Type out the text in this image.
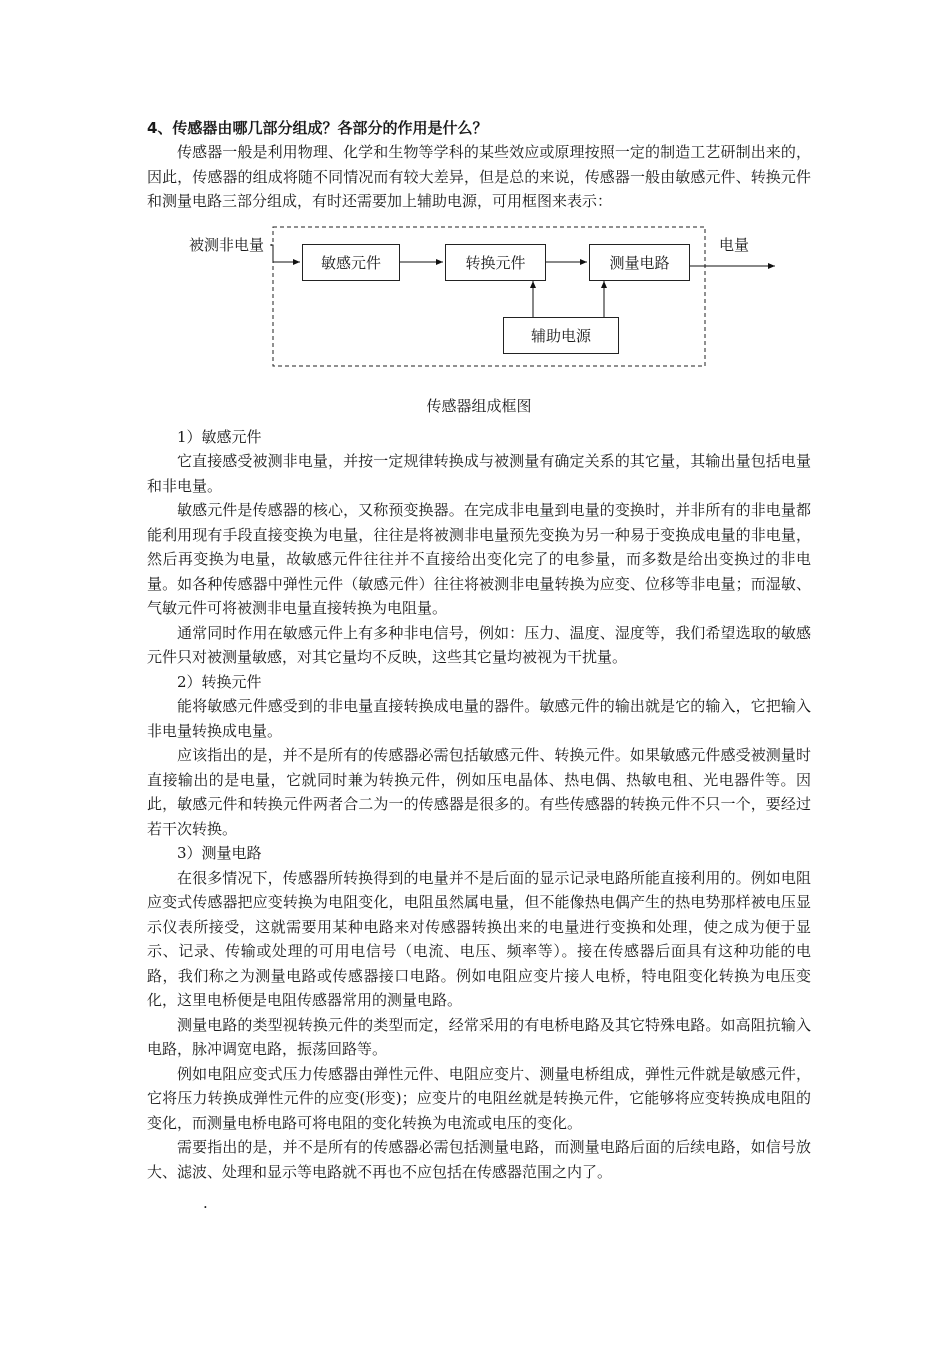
4、传感器由哪几部分组成？各部分的作用是什么？

传感器一般是利用物理、化学和生物等学科的某些效应或原理按照一定的制造工艺研制出来的，因此，传感器的组成将随不同情况而有较大差异，但是总的来说，传感器一般由敏感元件、转换元件和测量电路三部分组成，有时还需要加上辅助电源，可用框图来表示：

被测非电量
敏感元件	转换元件	测量电路
辅助电源
电量

传感器组成框图

1）敏感元件

它直接感受被测非电量，并按一定规律转换成与被测量有确定关系的其它量，其输出量包括电量和非电量。

敏感元件是传感器的核心，又称预变换器。在完成非电量到电量的变换时，并非所有的非电量都能利用现有手段直接变换为电量，往往是将被测非电量预先变换为另一种易于变换成电量的非电量，然后再变换为电量，故敏感元件往往并不直接给出变化完了的电参量，而多数是给出变换过的非电量。如各种传感器中弹性元件（敏感元件）往往将被测非电量转换为应变、位移等非电量；而湿敏、气敏元件可将被测非电量直接转换为电阻量。

通常同时作用在敏感元件上有多种非电信号，例如：压力、温度、湿度等，我们希望选取的敏感元件只对被测量敏感，对其它量均不反映，这些其它量均被视为干扰量。

2）转换元件

能将敏感元件感受到的非电量直接转换成电量的器件。敏感元件的输出就是它的输入，它把输入非电量转换成电量。

应该指出的是，并不是所有的传感器必需包括敏感元件、转换元件。如果敏感元件感受被测量时直接输出的是电量，它就同时兼为转换元件，例如压电晶体、热电偶、热敏电租、光电器件等。因此，敏感元件和转换元件两者合二为一的传感器是很多的。有些传感器的转换元件不只一个，要经过若干次转换。

3）测量电路

在很多情况下，传感器所转换得到的电量并不是后面的显示记录电路所能直接利用的。例如电阻应变式传感器把应变转换为电阻变化，电阻虽然属电量，但不能像热电偶产生的热电势那样被电压显示仪表所接受，这就需要用某种电路来对传感器转换出来的电量进行变换和处理，使之成为便于显示、记录、传输或处理的可用电信号（电流、电压、频率等）。接在传感器后面具有这种功能的电路，我们称之为测量电路或传感器接口电路。例如电阻应变片接人电桥，特电阻变化转换为电压变化，这里电桥便是电阻传感器常用的测量电路。

测量电路的类型视转换元件的类型而定，经常采用的有电桥电路及其它特殊电路。如高阻抗输入电路，脉冲调宽电路，振荡回路等。

例如电阻应变式压力传感器由弹性元件、电阻应变片、测量电桥组成，弹性元件就是敏感元件，它将压力转换成弹性元件的应变(形变)；应变片的电阻丝就是转换元件，它能够将应变转换成电阻的变化，而测量电桥电路可将电阻的变化转换为电流或电压的变化。

需要指出的是，并不是所有的传感器必需包括测量电路，而测量电路后面的后续电路，如信号放大、滤波、处理和显示等电路就不再也不应包括在传感器范围之内了。

·
